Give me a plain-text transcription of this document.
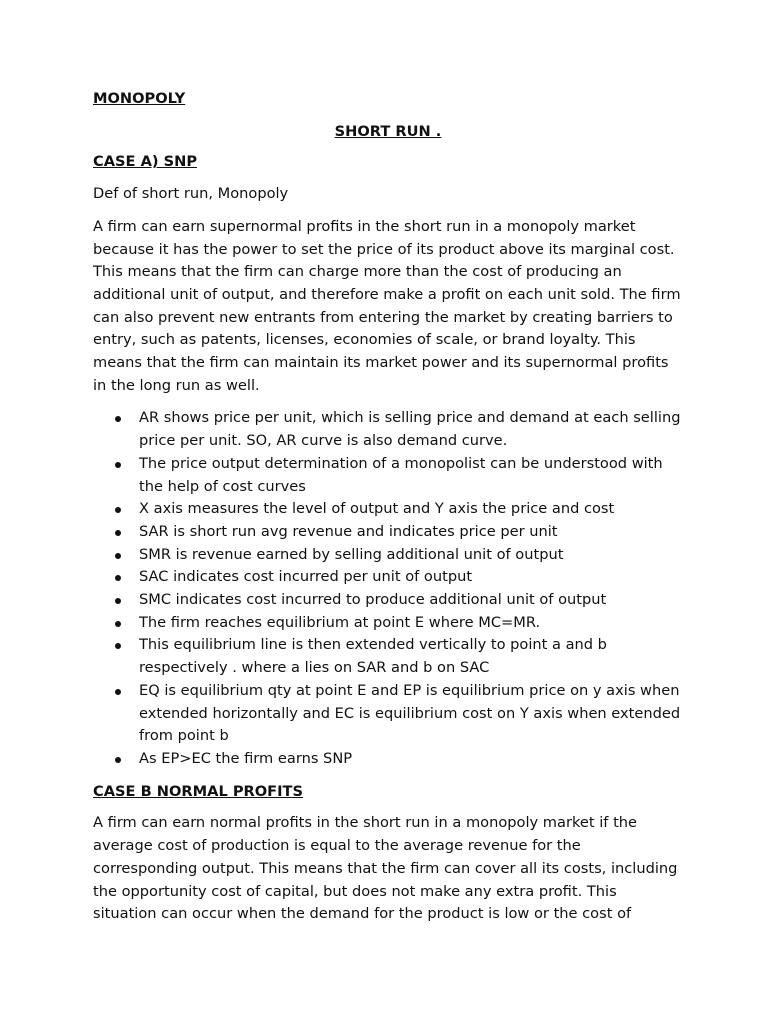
MONOPOLY

SHORT RUN .

CASE A) SNP

Def of short run, Monopoly

A firm can earn supernormal profits in the short run in a monopoly market because it has the power to set the price of its product above its marginal cost. This means that the firm can charge more than the cost of producing an additional unit of output, and therefore make a profit on each unit sold. The firm can also prevent new entrants from entering the market by creating barriers to entry, such as patents, licenses, economies of scale, or brand loyalty. This means that the firm can maintain its market power and its supernormal profits in the long run as well.

AR shows price per unit, which is selling price and demand at each selling price per unit. SO, AR curve is also demand curve.
The price output determination of a monopolist can be understood with the help of cost curves
X axis measures the level of output and Y axis the price and cost
SAR is short run avg revenue and indicates price per unit
SMR is revenue earned by selling additional unit of output
SAC indicates cost incurred per unit of output
SMC indicates cost incurred to produce additional unit of output
The firm reaches equilibrium at point E where MC=MR.
This equilibrium line is then extended vertically to point a and b respectively . where a lies on SAR and b on SAC
EQ is equilibrium qty at point E and EP is equilibrium price on y axis when extended horizontally and EC is equilibrium cost on Y axis when extended from point b
As EP>EC the firm earns SNP

CASE B NORMAL PROFITS

A firm can earn normal profits in the short run in a monopoly market if the average cost of production is equal to the average revenue for the corresponding output. This means that the firm can cover all its costs, including the opportunity cost of capital, but does not make any extra profit. This situation can occur when the demand for the product is low or the cost of
